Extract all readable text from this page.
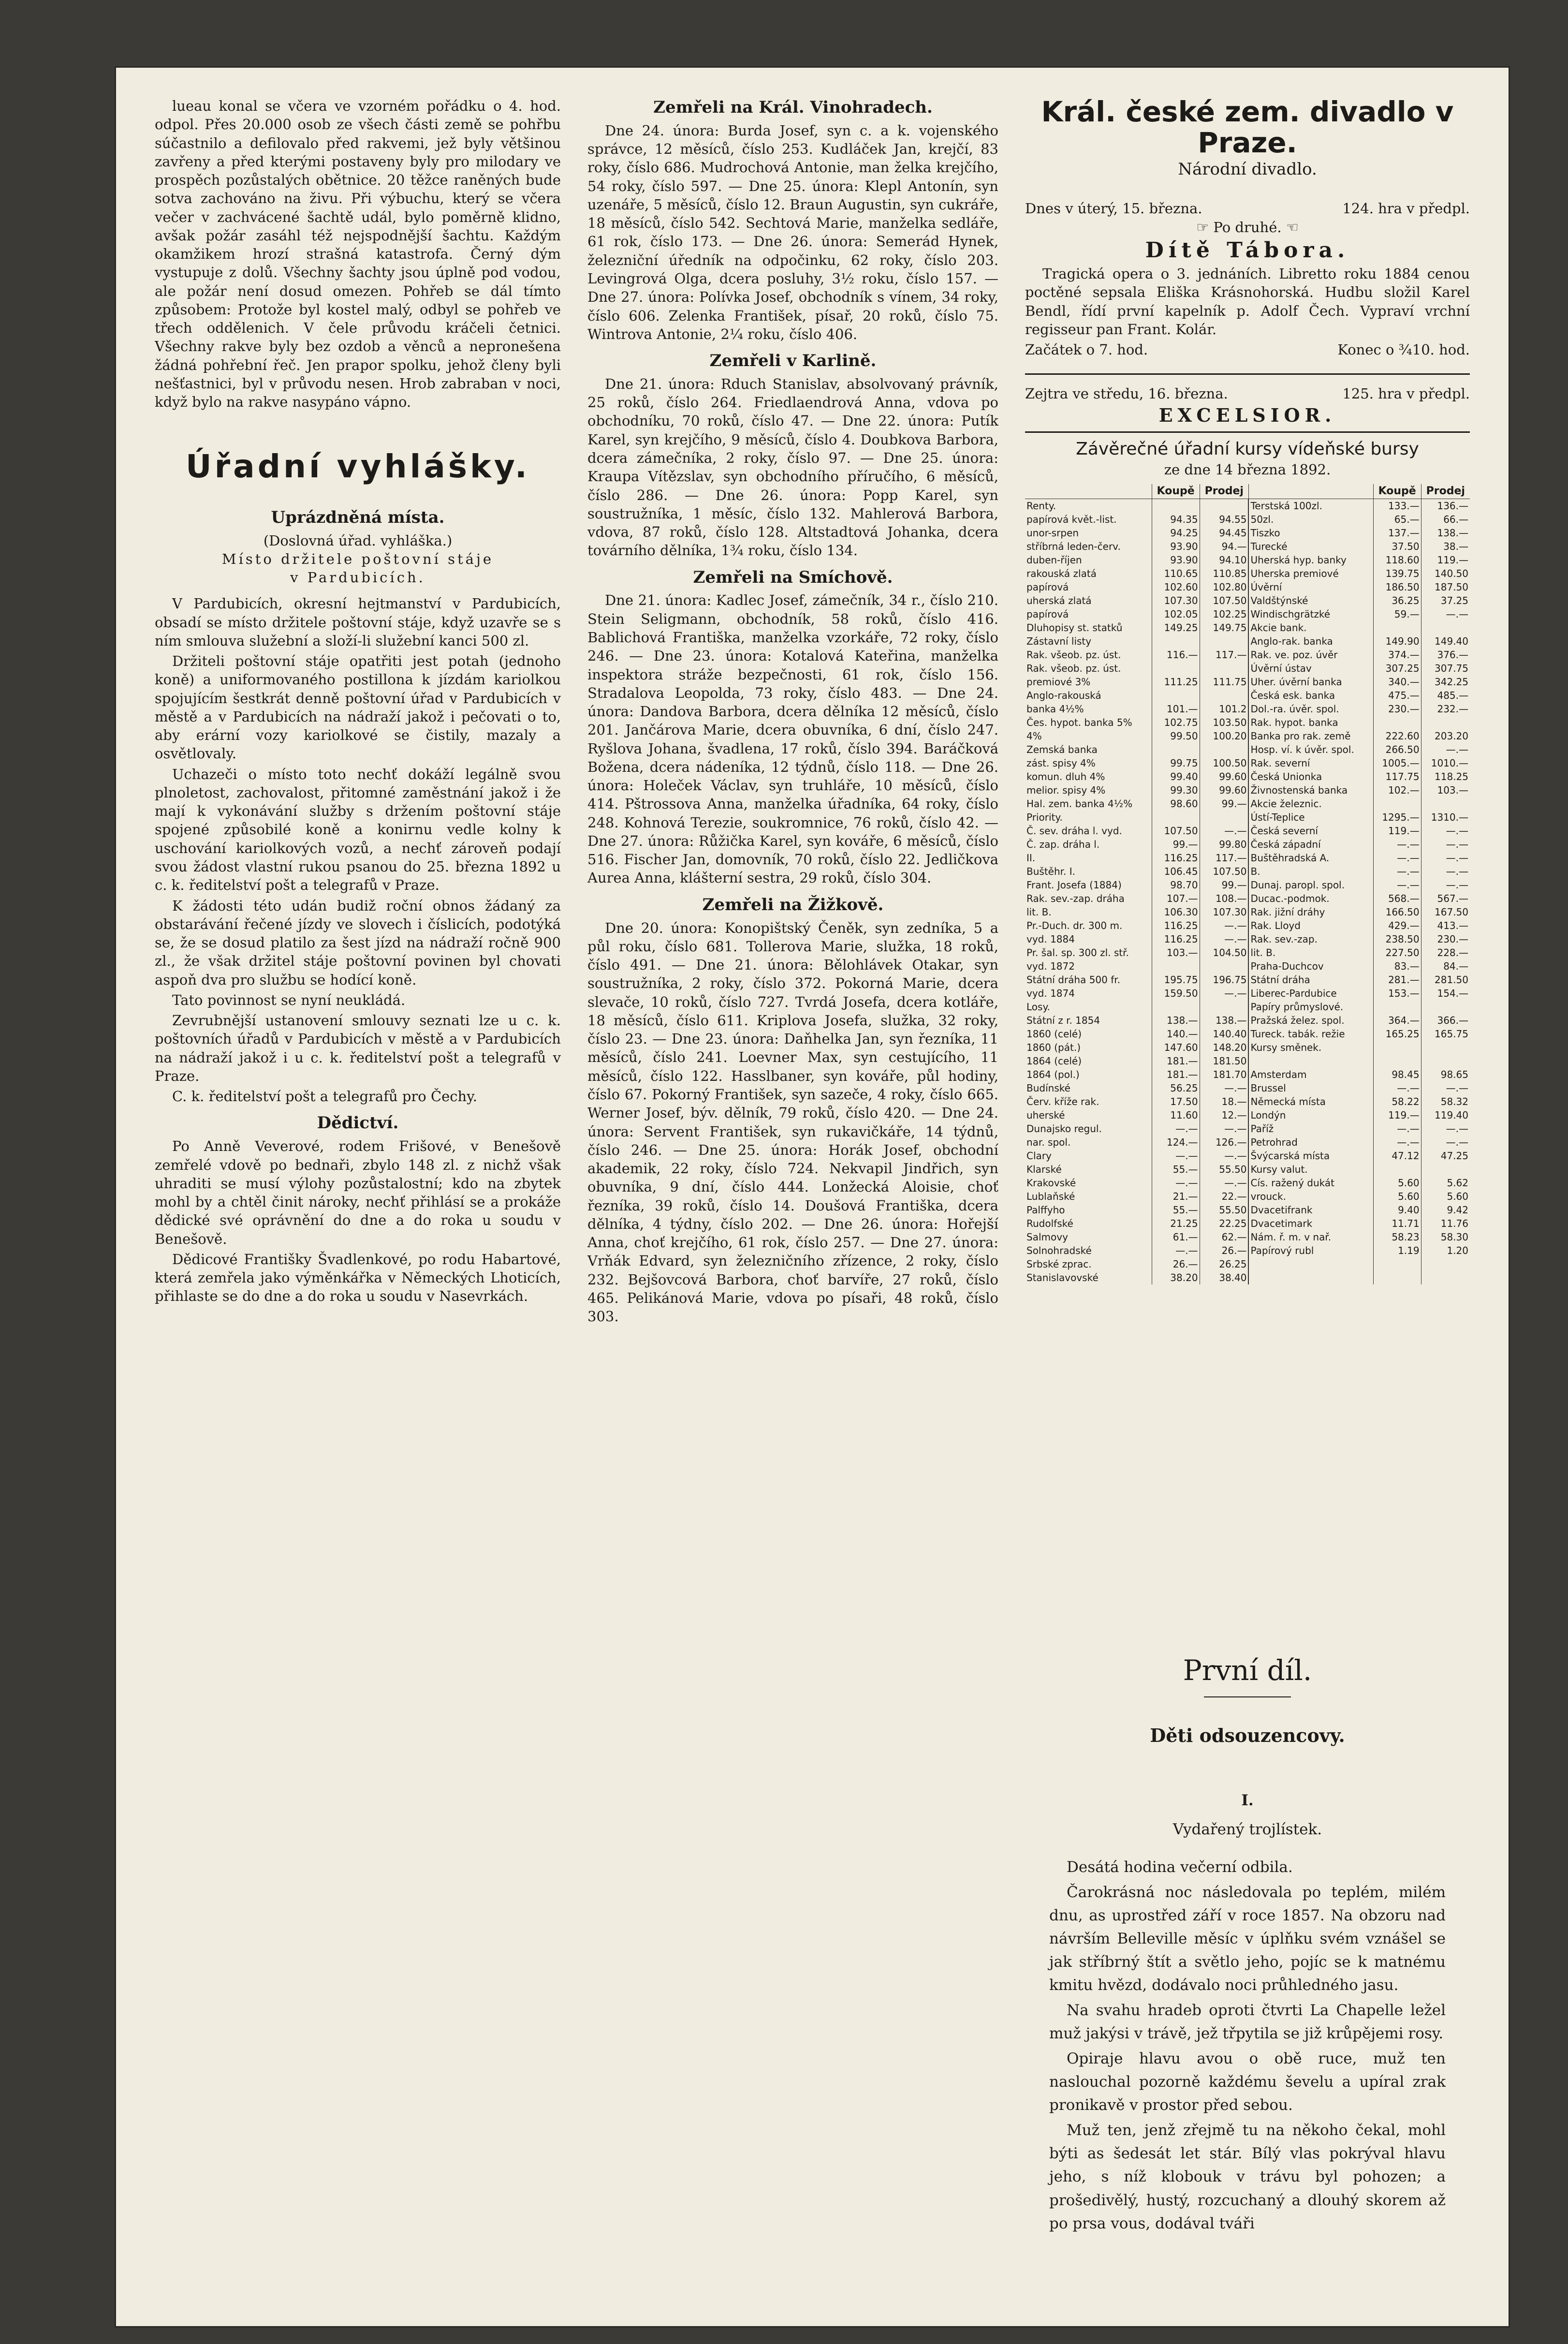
lueau konal se včera ve vzorném pořádku o 4. hod. odpol. Přes 20.000 osob ze všech části země se pohřbu súčastnilo a defilovalo před rakvemi, jež byly většinou zavřeny a před kterými postaveny byly pro milodary ve prospěch pozůstalých obětnice. 20 těžce raněných bude sotva zachováno na živu. Při výbuchu, který se včera večer v zachvácené šachtě udál, bylo poměrně klidno, avšak požár zasáhl též nejspodnější šachtu. Každým okamžikem hrozí strašná katastrofa. Černý dým vystupuje z dolů. Všechny šachty jsou úplně pod vodou, ale požár není dosud omezen. Pohřeb se dál tímto způsobem: Protože byl kostel malý, odbyl se pohřeb ve třech oddělenich. V čele průvodu kráčeli četnici. Všechny rakve byly bez ozdob a věnců a nepronešena žádná pohřební řeč. Jen prapor spolku, jehož členy byli nešťastnici, byl v průvodu nesen. Hrob zabraban v noci, když bylo na rakve nasypáno vápno.

Úřadní vyhlášky.
Uprázdněná místa.
(Doslovná úřad. vyhláška.)
Místo držitele poštovní stáje
v Pardubicích.

V Pardubicích, okresní hejtmanství v Pardubicích, obsadí se místo držitele poštovní stáje, když uzavře se s ním smlouva služební a složí-li služební kanci 500 zl.

Držiteli poštovní stáje opatřiti jest potah (jednoho koně) a uniformovaného postillona k jízdám kariolkou spojujícím šestkrát denně poštovní úřad v Pardubicích v městě a v Pardubicích na nádraží jakož i pečovati o to, aby erární vozy kariolkové se čistily, mazaly a osvětlovaly.

Uchazeči o místo toto nechť dokáží legálně svou plnoletost, zachovalost, přitomné zaměstnání jakož i že mají k vykonávání služby s držením poštovní stáje spojené způsobilé koně a konirnu vedle kolny k uschování kariolkových vozů, a nechť zároveň podají svou žádost vlastní rukou psanou do 25. března 1892 u c. k. ředitelství pošt a telegrafů v Praze.

K žádosti této udán budiž roční obnos žádaný za obstarávání řečené jízdy ve slovech i číslicích, podotýká se, že se dosud platilo za šest jízd na nádraží ročně 900 zl., že však držitel stáje poštovní povinen byl chovati aspoň dva pro službu se hodící koně.

Tato povinnost se nyní neukládá.

Zevrubnější ustanovení smlouvy seznati lze u c. k. poštovních úřadů v Pardubicích v městě a v Pardubicích na nádraží jakož i u c. k. ředitelství pošt a telegrafů v Praze.

C. k. ředitelství pošt a telegrafů pro Čechy.

Dědictví.

Po Anně Veverové, rodem Frišové, v Benešově zemřelé vdově po bednaři, zbylo 148 zl. z nichž však uhraditi se musí výlohy pozůstalostní; kdo na zbytek mohl by a chtěl činit nároky, nechť přihlásí se a prokáže dědické své oprávnění do dne a do roka u soudu v Benešově.

Dědicové Františky Švadlenkové, po rodu Habartové, která zemřela jako výměnkářka v Německých Lhoticích, přihlaste se do dne a do roka u soudu v Nasevrkách.

Zemřeli na Král. Vinohradech.

Dne 24. února: Burda Josef, syn c. a k. vojenského správce, 12 měsíců, číslo 253. Kudláček Jan, krejčí, 83 roky, číslo 686. Mudrochová Antonie, man želka krejčího, 54 roky, číslo 597. — Dne 25. února: Klepl Antonín, syn uzenáře, 5 měsíců, číslo 12. Braun Augustin, syn cukráře, 18 měsíců, číslo 542. Sechtová Marie, manželka sedláře, 61 rok, číslo 173. — Dne 26. února: Semerád Hynek, železniční úředník na odpočinku, 62 roky, číslo 203. Levingrová Olga, dcera posluhy, 3½ roku, číslo 157. — Dne 27. února: Polívka Josef, obchodník s vínem, 34 roky, číslo 606. Zelenka František, písař, 20 roků, číslo 75. Wintrova Antonie, 2¼ roku, číslo 406.

Zemřeli v Karlině.

Dne 21. února: Rduch Stanislav, absolvovaný právník, 25 roků, číslo 264. Friedlaendrová Anna, vdova po obchodníku, 70 roků, číslo 47. — Dne 22. února: Putík Karel, syn krejčího, 9 měsíců, číslo 4. Doubkova Barbora, dcera zámečníka, 2 roky, číslo 97. — Dne 25. února: Kraupa Vítězslav, syn obchodního příručího, 6 měsíců, číslo 286. — Dne 26. února: Popp Karel, syn soustružníka, 1 měsíc, číslo 132. Mahlerová Barbora, vdova, 87 roků, číslo 128. Altstadtová Johanka, dcera továrního dělníka, 1¾ roku, číslo 134.

Zemřeli na Smíchově.

Dne 21. února: Kadlec Josef, zámečník, 34 r., číslo 210. Stein Seligmann, obchodník, 58 roků, číslo 416. Bablichová Františka, manželka vzorkáře, 72 roky, číslo 246. — Dne 23. února: Kotalová Kateřina, manželka inspektora stráže bezpečnosti, 61 rok, číslo 156. Stradalova Leopolda, 73 roky, číslo 483. — Dne 24. února: Dandova Barbora, dcera dělníka 12 měsíců, číslo 201. Jančárova Marie, dcera obuvníka, 6 dní, číslo 247. Ryšlova Johana, švadlena, 17 roků, číslo 394. Baráčková Božena, dcera nádeníka, 12 týdnů, číslo 118. — Dne 26. února: Holeček Václav, syn truhláře, 10 měsíců, číslo 414. Pštrossova Anna, manželka úřadníka, 64 roky, číslo 248. Kohnová Terezie, soukromnice, 76 roků, číslo 42. — Dne 27. února: Růžička Karel, syn kováře, 6 měsíců, číslo 516. Fischer Jan, domovník, 70 roků, číslo 22. Jedličkova Aurea Anna, klášterní sestra, 29 roků, číslo 304.

Zemřeli na Žižkově.

Dne 20. února: Konopištský Čeněk, syn zedníka, 5 a půl roku, číslo 681. Tollerova Marie, služka, 18 roků, číslo 491. — Dne 21. února: Bělohlávek Otakar, syn soustružníka, 2 roky, číslo 372. Pokorná Marie, dcera slevače, 10 roků, číslo 727. Tvrdá Josefa, dcera kotláře, 18 měsíců, číslo 611. Kriplova Josefa, služka, 32 roky, číslo 23. — Dne 23. února: Daňhelka Jan, syn řezníka, 11 měsíců, číslo 241. Loevner Max, syn cestujícího, 11 měsíců, číslo 122. Hasslbaner, syn kováře, půl hodiny, číslo 67. Pokorný František, syn sazeče, 4 roky, číslo 665. Werner Josef, býv. dělník, 79 roků, číslo 420. — Dne 24. února: Servent František, syn rukavičkáře, 14 týdnů, číslo 246. — Dne 25. února: Horák Josef, obchodní akademik, 22 roky, číslo 724. Nekvapil Jindřich, syn obuvníka, 9 dní, číslo 444. Lonžecká Aloisie, choť řezníka, 39 roků, číslo 14. Doušová Františka, dcera dělníka, 4 týdny, číslo 202. — Dne 26. února: Hořejší Anna, choť krejčího, 61 rok, číslo 257. — Dne 27. února: Vrňák Edvard, syn železničního zřízence, 2 roky, číslo 232. Bejšovcová Barbora, choť barvíře, 27 roků, číslo 465. Pelikánová Marie, vdova po písaři, 48 roků, číslo 303.

Král. české zem. divadlo v Praze.
Národní divadlo.
Dnes v úterý, 15. března.	124. hra v předpl.
☞ Po druhé. ☜
Dítě Tábora.

Tragická opera o 3. jednáních. Libretto roku 1884 cenou poctěné sepsala Eliška Krásnohorská. Hudbu složil Karel Bendl, řídí první kapelník p. Adolf Čech. Vypraví vrchní regisseur pan Frant. Kolár.

Začátek o 7. hod.	Konec o ¾10. hod.
Zejtra ve středu, 16. března.	125. hra v předpl.
EXCELSIOR.
Závěrečné úřadní kursy vídeňské bursy
ze dne 14 března 1892.
	Koupě	Prodej		Koupě	Prodej
Renty.			Terstská 100zl.	133.—	136.—
papírová květ.-list.	94.35	94.55	50zl.	65.—	66.—
unor-srpen	94.25	94.45	Tiszko	137.—	138.—
stříbrná leden-červ.	93.90	94.—	Turecké	37.50	38.—
duben-říjen	93.90	94.10	Uherská hyp. banky	118.60	119.—
rakouská zlatá	110.65	110.85	Uherska premiové	139.75	140.50
papírová	102.60	102.80	Úvěrní	186.50	187.50
uherská zlatá	107.30	107.50	Valdštýnské	36.25	37.25
papírová	102.05	102.25	Windischgrätzké	59.—	—.—
Dluhopisy st. statků	149.25	149.75	Akcie bank.		
Zástavní listy			Anglo-rak. banka	149.90	149.40
Rak. všeob. pz. úst.	116.—	117.—	Rak. ve. poz. úvěr	374.—	376.—
Rak. všeob. pz. úst.			Úvěrní ústav	307.25	307.75
premiové 3%	111.25	111.75	Uher. úvěrní banka	340.—	342.25
Anglo-rakouská			Česká esk. banka	475.—	485.—
banka 4½%	101.—	101.2	Dol.-ra. úvěr. spol.	230.—	232.—
Čes. hypot. banka 5%	102.75	103.50	Rak. hypot. banka		
4%	99.50	100.20	Banka pro rak. země	222.60	203.20
Zemská banka			Hosp. ví. k úvěr. spol.	266.50	—.—
zást. spisy 4%	99.75	100.50	Rak. severní	1005.—	1010.—
komun. dluh 4%	99.40	99.60	Česká Unionka	117.75	118.25
melior. spisy 4%	99.30	99.60	Živnostenská banka	102.—	103.—
Hal. zem. banka 4½%	98.60	99.—	Akcie železnic.		
Priority.			Ústí-Teplice	1295.—	1310.—
Č. sev. dráha l. vyd.	107.50	—.—	Česká severní	119.—	—.—
Č. zap. dráha l.	99.—	99.80	Česká západní	—.—	—.—
II.	116.25	117.—	Buštěhradská A.	—.—	—.—
Buštěhr. I.	106.45	107.50	B.	—.—	—.—
Frant. Josefa (1884)	98.70	99.—	Dunaj. paropl. spol.	—.—	—.—
Rak. sev.-zap. dráha	107.—	108.—	Ducac.-podmok.	568.—	567.—
lit. B.	106.30	107.30	Rak. jižní dráhy	166.50	167.50
Pr.-Duch. dr. 300 m.	116.25	—.—	Rak. Lloyd	429.—	413.—
vyd. 1884	116.25	—.—	Rak. sev.-zap.	238.50	230.—
Pr. šal. sp. 300 zl. stř.	103.—	104.50	lit. B.	227.50	228.—
vyd. 1872			Praha-Duchcov	83.—	84.—
Státní dráha 500 fr.	195.75	196.75	Státní dráha	281.—	281.50
vyd. 1874	159.50	—.—	Liberec-Pardubice	153.—	154.—
Losy.			Papíry průmyslové.		
Státní z r. 1854	138.—	138.—	Pražská želez. spol.	364.—	366.—
1860 (celé)	140.—	140.40	Tureck. tabák. režie	165.25	165.75
1860 (pát.)	147.60	148.20	Kursy směnek.		
1864 (celé)	181.—	181.50			
1864 (pol.)	181.—	181.70	Amsterdam	98.45	98.65
Budínské	56.25	—.—	Brussel	—.—	—.—
Červ. kříže rak.	17.50	18.—	Německá místa	58.22	58.32
uherské	11.60	12.—	Londýn	119.—	119.40
Dunajsko regul.	—.—	—.—	Paříž	—.—	—.—
nar. spol.	124.—	126.—	Petrohrad	—.—	—.—
Clary	—.—	—.—	Švýcarská místa	47.12	47.25
Klarské	55.—	55.50	Kursy valut.		
Krakovské	—.—	—.—	Cís. ražený dukát	5.60	5.62
Lublaňské	21.—	22.—	vrouck.	5.60	5.60
Palffyho	55.—	55.50	Dvacetifrank	9.40	9.42
Rudolfské	21.25	22.25	Dvacetimark	11.71	11.76
Salmovy	61.—	62.—	Nám. ř. m. v nař.	58.23	58.30
Solnohradské	—.—	26.—	Papírový rubl	1.19	1.20
Srbské zprac.	26.—	26.25			
Stanislavovské	38.20	38.40			
První díl.
Děti odsouzencovy.
I.
Vydařený trojlístek.

Desátá hodina večerní odbila.

Čarokrásná noc následovala po teplém, milém dnu, as uprostřed září v roce 1857. Na obzoru nad návrším Belleville měsíc v úplňku svém vznášel se jak stříbrný štít a světlo jeho, pojíc se k matnému kmitu hvězd, dodávalo noci průhledného jasu.

Na svahu hradeb oproti čtvrti La Chapelle ležel muž jakýsi v trávě, jež třpytila se již krůpějemi rosy.

Opiraje hlavu avou o obě ruce, muž ten naslouchal pozorně každému ševelu a upíral zrak pronikavě v prostor před sebou.

Muž ten, jenž zřejmě tu na někoho čekal, mohl býti as šedesát let stár. Bílý vlas pokrýval hlavu jeho, s níž klobouk v trávu byl pohozen; a prošedivělý, hustý, rozcuchaný a dlouhý skorem až po prsa vous, dodával tváři
